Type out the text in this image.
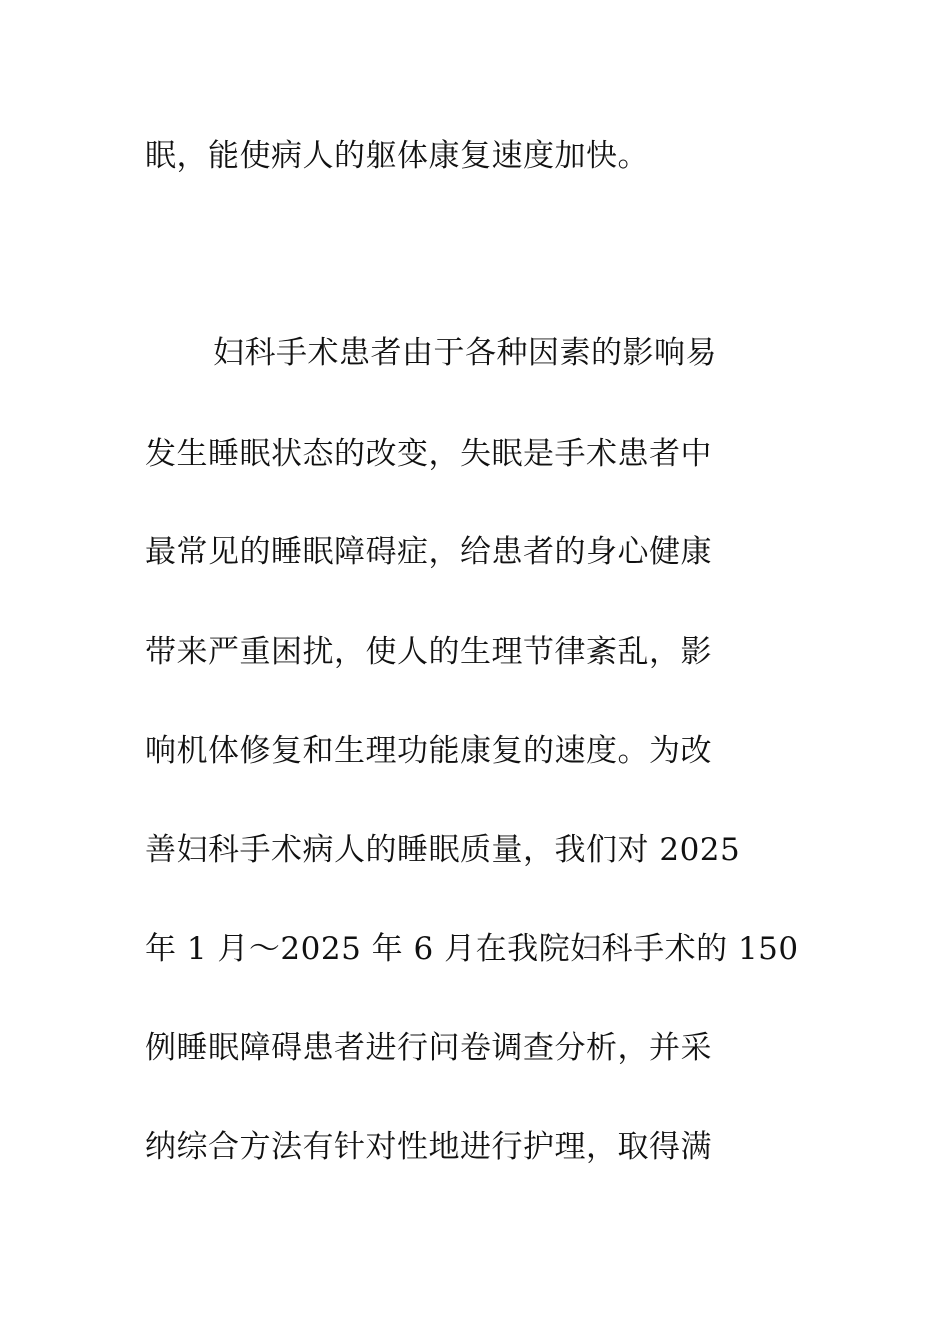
眠，能使病人的躯体康复速度加快。

妇科手术患者由于各种因素的影响易

发生睡眠状态的改变，失眠是手术患者中

最常见的睡眠障碍症，给患者的身心健康

带来严重困扰，使人的生理节律紊乱，影

响机体修复和生理功能康复的速度。为改

善妇科手术病人的睡眠质量，我们对 2025

年 1 月～2025 年 6 月在我院妇科手术的 150

例睡眠障碍患者进行问卷调查分析，并采

纳综合方法有针对性地进行护理，取得满
